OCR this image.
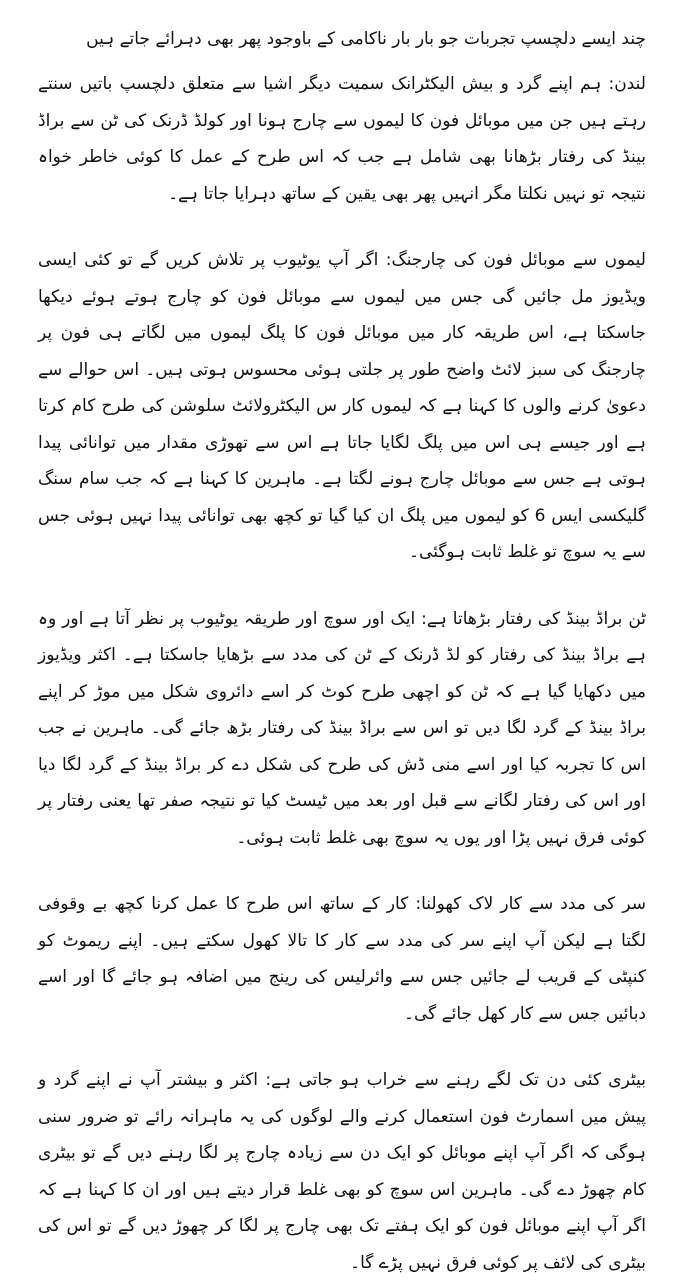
چند ایسے دلچسپ تجربات جو بار بار ناکامی کے باوجود پھر بھی دہرائے جاتے ہیں

لندن: ہم اپنے گرد و بیش الیکٹرانک سمیت دیگر اشیا سے متعلق دلچسپ باتیں سنتے رہتے ہیں جن میں موبائل فون کا لیموں سے چارج ہونا اور کولڈ ڈرنک کی ٹن سے براڈ بینڈ کی رفتار بڑھانا بھی شامل ہے جب کہ اس طرح کے عمل کا کوئی خاطر خواہ نتیجہ تو نہیں نکلتا مگر انہیں پھر بھی یقین کے ساتھ دہرایا جاتا ہے۔

لیموں سے موبائل فون کی چارجنگ: اگر آپ یوٹیوب پر تلاش کریں گے تو کئی ایسی ویڈیوز مل جائیں گی جس میں لیموں سے موبائل فون کو چارج ہوتے ہوئے دیکھا جاسکتا ہے، اس طریقہ کار میں موبائل فون کا پلگ لیموں میں لگاتے ہی فون پر چارجنگ کی سبز لائٹ واضح طور پر جلتی ہوئی محسوس ہوتی ہیں۔ اس حوالے سے دعویٰ کرنے والوں کا کہنا ہے کہ لیموں کار س الیکٹرولائٹ سلوشن کی طرح کام کرتا ہے اور جیسے ہی اس میں پلگ لگایا جاتا ہے اس سے تھوڑی مقدار میں توانائی پیدا ہوتی ہے جس سے موبائل چارج ہونے لگتا ہے۔ ماہرین کا کہنا ہے کہ جب سام سنگ گلیکسی ایس 6 کو لیموں میں پلگ ان کیا گیا تو کچھ بھی توانائی پیدا نہیں ہوئی جس سے یہ سوچ تو غلط ثابت ہوگئی۔

ٹن براڈ بینڈ کی رفتار بڑھاتا ہے: ایک اور سوچ اور طریقہ یوٹیوب پر نظر آتا ہے اور وہ ہے براڈ بینڈ کی رفتار کو لڈ ڈرنک کے ٹن کی مدد سے بڑھایا جاسکتا ہے۔ اکثر ویڈیوز میں دکھایا گیا ہے کہ ٹن کو اچھی طرح کوٹ کر اسے دائروی شکل میں موڑ کر اپنے براڈ بینڈ کے گرد لگا دیں تو اس سے براڈ بینڈ کی رفتار بڑھ جائے گی۔ ماہرین نے جب اس کا تجربہ کیا اور اسے منی ڈش کی طرح کی شکل دے کر براڈ بینڈ کے گرد لگا دیا اور اس کی رفتار لگانے سے قبل اور بعد میں ٹیسٹ کیا تو نتیجہ صفر تھا یعنی رفتار پر کوئی فرق نہیں پڑا اور یوں یہ سوچ بھی غلط ثابت ہوئی۔

سر کی مدد سے کار لاک کھولنا: کار کے ساتھ اس طرح کا عمل کرنا کچھ بے وقوفی لگتا ہے لیکن آپ اپنے سر کی مدد سے کار کا تالا کھول سکتے ہیں۔ اپنے ریموٹ کو کنپٹی کے قریب لے جائیں جس سے وائرلیس کی رینج میں اضافہ ہو جائے گا اور اسے دبائیں جس سے کار کھل جائے گی۔

بیٹری کئی دن تک لگے رہنے سے خراب ہو جاتی ہے: اکثر و بیشتر آپ نے اپنے گرد و پیش میں اسمارٹ فون استعمال کرنے والے لوگوں کی یہ ماہرانہ رائے تو ضرور سنی ہوگی کہ اگر آپ اپنے موبائل کو ایک دن سے زیادہ چارج پر لگا رہنے دیں گے تو بیٹری کام چھوڑ دے گی۔ ماہرین اس سوچ کو بھی غلط قرار دیتے ہیں اور ان کا کہنا ہے کہ اگر آپ اپنے موبائل فون کو ایک ہفتے تک بھی چارج پر لگا کر چھوڑ دیں گے تو اس کی بیٹری کی لائف پر کوئی فرق نہیں پڑے گا۔
